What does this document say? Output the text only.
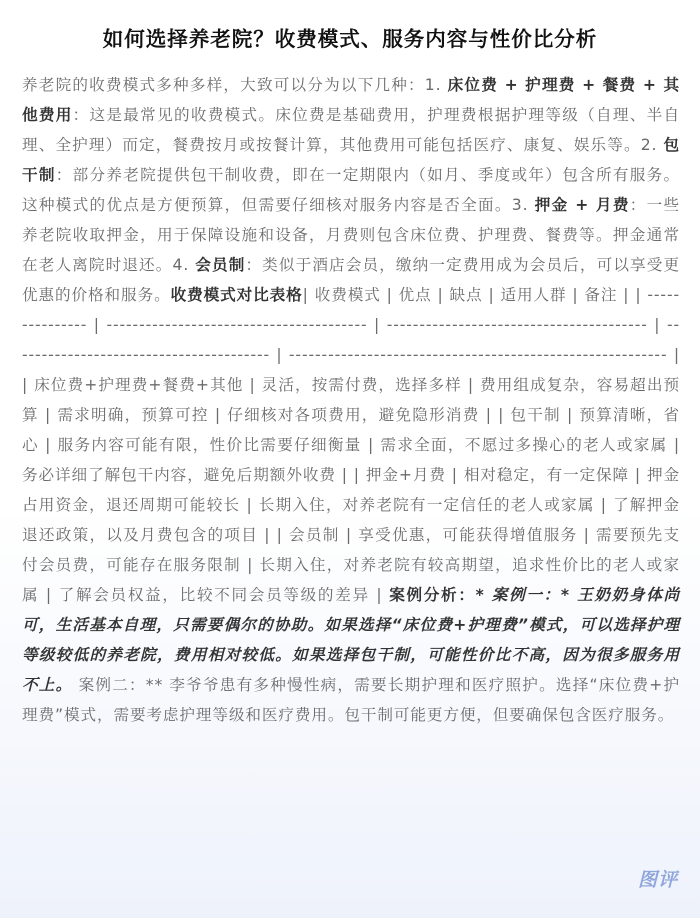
如何选择养老院？收费模式、服务内容与性价比分析

养老院的收费模式多种多样，大致可以分为以下几种：1. 床位费 + 护理费 + 餐费 + 其他费用：这是最常见的收费模式。床位费是基础费用，护理费根据护理等级（自理、半自理、全护理）而定，餐费按月或按餐计算，其他费用可能包括医疗、康复、娱乐等。2. 包干制：部分养老院提供包干制收费，即在一定期限内（如月、季度或年）包含所有服务。这种模式的优点是方便预算，但需要仔细核对服务内容是否全面。3. 押金 + 月费：一些养老院收取押金，用于保障设施和设备，月费则包含床位费、护理费、餐费等。押金通常在老人离院时退还。4. 会员制：类似于酒店会员，缴纳一定费用成为会员后，可以享受更优惠的价格和服务。收费模式对比表格| 收费模式 | 优点 | 缺点 | 适用人群 | 备注 | | --------------- | ---------------------------------------- | ---------------------------------------- | ---------------------------------------- | ---------------------------------------------------------- | | 床位费+护理费+餐费+其他 | 灵活，按需付费，选择多样 | 费用组成复杂，容易超出预算 | 需求明确，预算可控 | 仔细核对各项费用，避免隐形消费 | | 包干制 | 预算清晰，省心 | 服务内容可能有限，性价比需要仔细衡量 | 需求全面，不愿过多操心的老人或家属 | 务必详细了解包干内容，避免后期额外收费 | | 押金+月费 | 相对稳定，有一定保障 | 押金占用资金，退还周期可能较长 | 长期入住，对养老院有一定信任的老人或家属 | 了解押金退还政策，以及月费包含的项目 | | 会员制 | 享受优惠，可能获得增值服务 | 需要预先支付会员费，可能存在服务限制 | 长期入住，对养老院有较高期望，追求性价比的老人或家属 | 了解会员权益，比较不同会员等级的差异 | 案例分析：* 案例一：* 王奶奶身体尚可，生活基本自理，只需要偶尔的协助。如果选择“床位费+护理费”模式，可以选择护理等级较低的养老院，费用相对较低。如果选择包干制，可能性价比不高，因为很多服务用不上。 案例二：** 李爷爷患有多种慢性病，需要长期护理和医疗照护。选择“床位费+护理费”模式，需要考虑护理等级和医疗费用。包干制可能更方便，但要确保包含医疗服务。

图评
